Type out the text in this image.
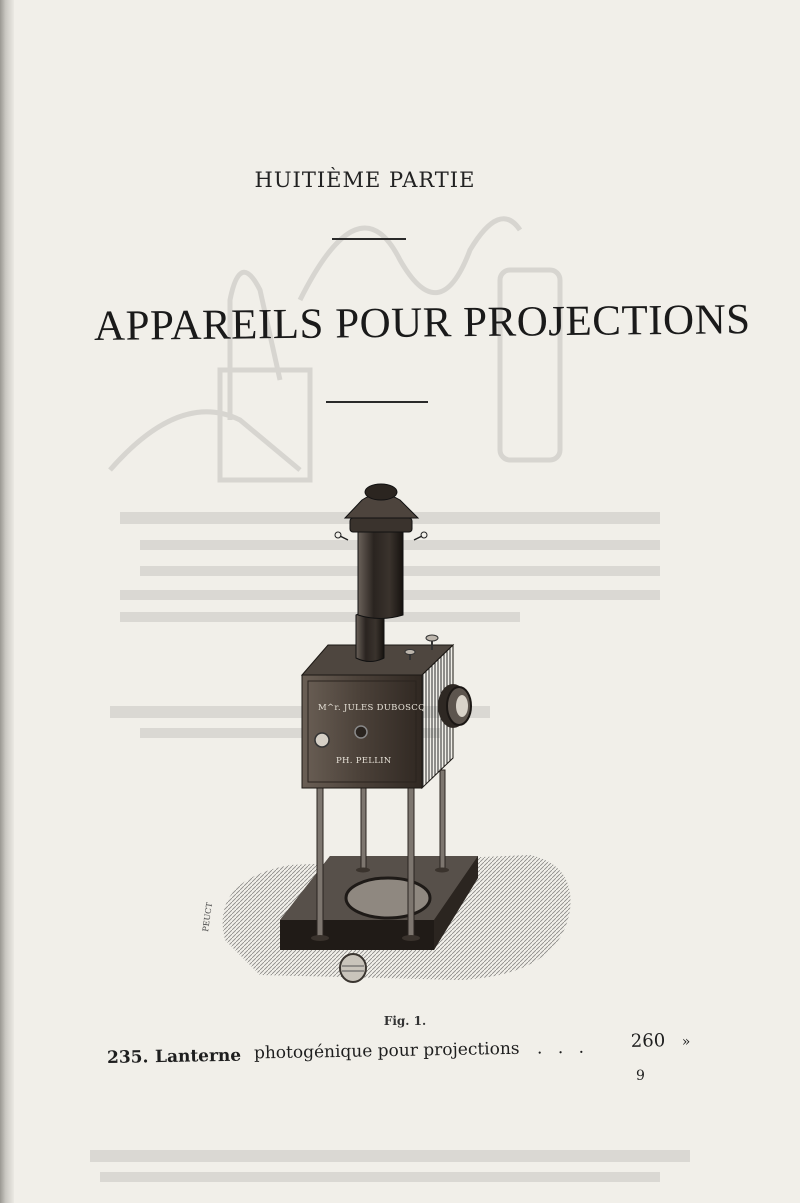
HUITIÈME PARTIE
APPAREILS POUR PROJECTIONS
PEUCT
M^r. JULES DUBOSCQ
PH. PELLIN
Fig. 1.
235. Lanterne photogénique pour projections . . . 260 »
9
